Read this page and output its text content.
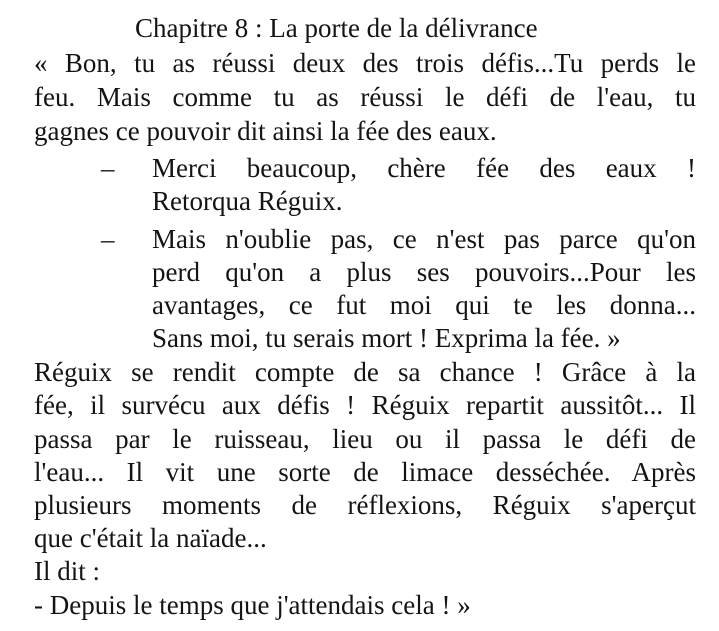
Chapitre 8 : La porte de la délivrance
« Bon, tu as réussi deux des trois défis...Tu perds le
feu. Mais comme tu as réussi le défi de l'eau, tu
gagnes ce pouvoir dit ainsi la fée des eaux.
– Merci beaucoup, chère fée des eaux !
Retorqua Réguix.
– Mais n'oublie pas, ce n'est pas parce qu'on
perd qu'on a plus ses pouvoirs...Pour les
avantages, ce fut moi qui te les donna...
Sans moi, tu serais mort ! Exprima la fée. »
Réguix se rendit compte de sa chance ! Grâce à la
fée, il survécu aux défis ! Réguix repartit aussitôt... Il
passa par le ruisseau, lieu ou il passa le défi de
l'eau... Il vit une sorte de limace desséchée. Après
plusieurs moments de réflexions, Réguix s'aperçut
que c'était la naïade...
Il dit :
- Depuis le temps que j'attendais cela ! »
